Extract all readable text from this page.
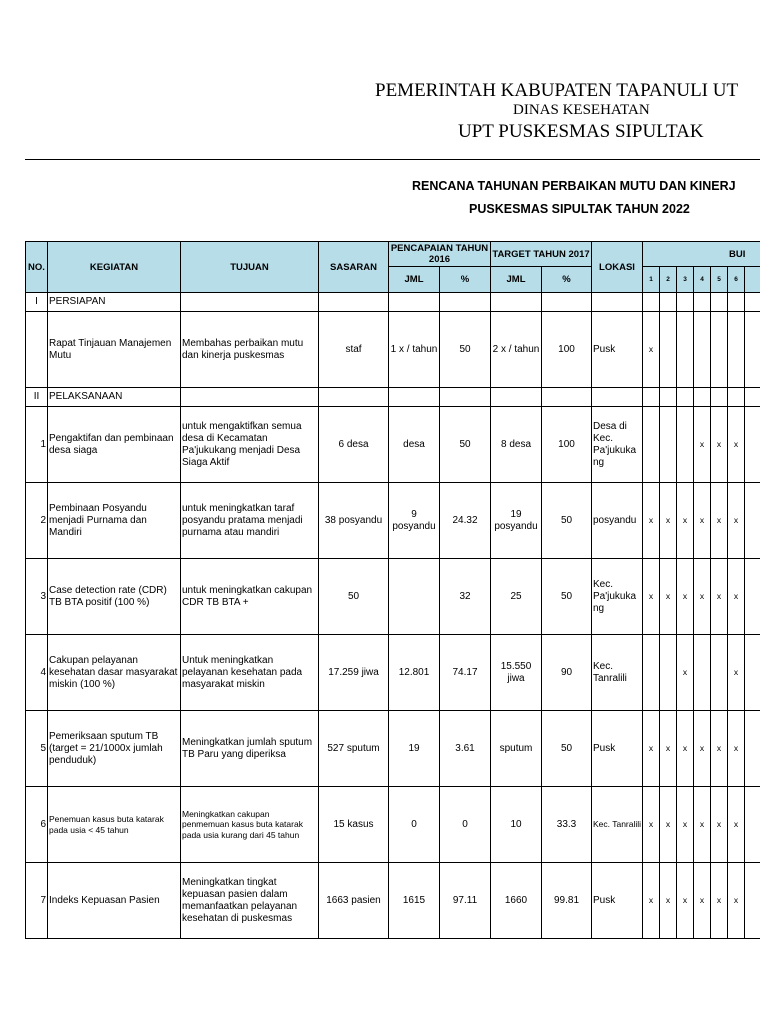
PEMERINTAH KABUPATEN TAPANULI UT
DINAS KESEHATAN
UPT PUSKESMAS SIPULTAK
RENCANA TAHUNAN PERBAIKAN MUTU DAN KINERJ
PUSKESMAS SIPULTAK TAHUN 2022
NO.	KEGIATAN	TUJUAN	SASARAN	PENCAPAIAN TAHUN 2016		TARGET TAHUN 2017		LOKASI	BUI						
				JML	%	JML	%		1	2	3	4	5	6	
I	PERSIAPAN														
	Rapat Tinjauan Manajemen Mutu	Membahas perbaikan mutu dan kinerja puskesmas	staf	1 x / tahun	50	2 x / tahun	100	Pusk	x						
II	PELAKSANAAN														
1	Pengaktifan dan pembinaan desa siaga	untuk mengaktifkan semua desa di Kecamatan Pa'jukukang menjadi Desa Siaga Aktif	6 desa	desa	50	8 desa	100	Desa di Kec. Pa'jukuka ng				x	x	x	
2	Pembinaan Posyandu menjadi Purnama dan Mandiri	untuk meningkatkan taraf posyandu pratama menjadi purnama atau mandiri	38 posyandu	9 posyandu	24.32	19 posyandu	50	posyandu	x	x	x	x	x	x	
3	Case detection rate (CDR) TB BTA positif (100 %)	untuk meningkatkan cakupan CDR TB BTA +	50		32	25	50	Kec. Pa'jukuka ng	x	x	x	x	x	x	
4	Cakupan pelayanan kesehatan dasar masyarakat miskin (100 %)	Untuk meningkatkan pelayanan kesehatan pada masyarakat miskin	17.259 jiwa	12.801	74.17	15.550 jiwa	90	Kec. Tanralili			x			x	
5	Pemeriksaan sputum TB (target = 21/1000x jumlah penduduk)	Meningkatkan jumlah sputum TB Paru yang diperiksa	527 sputum	19	3.61	sputum	50	Pusk	x	x	x	x	x	x	
6	Penemuan kasus buta katarak pada usia < 45 tahun	Meningkatkan cakupan penmemuan kasus buta katarak pada usia kurang dari 45 tahun	15 kasus	0	0	10	33.3	Kec. Tanralili	x	x	x	x	x	x	
7	Indeks Kepuasan Pasien	Meningkatkan tingkat kepuasan pasien dalam memanfaatkan pelayanan kesehatan di puskesmas	1663 pasien	1615	97.11	1660	99.81	Pusk	x	x	x	x	x	x	
